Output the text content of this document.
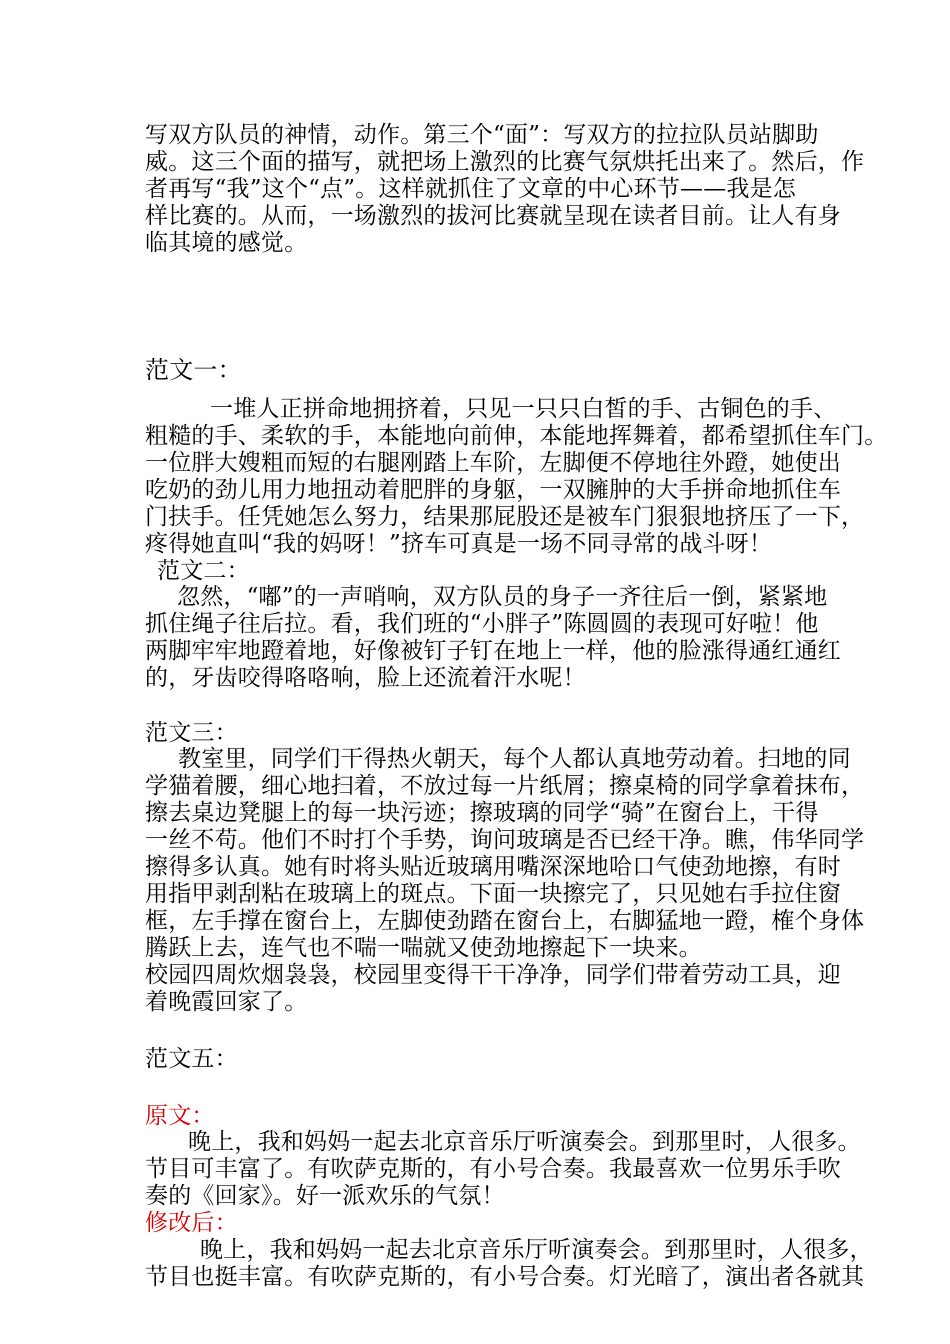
写双方队员的神情，动作。第三个“面”：写双方的拉拉队员站脚助
威。这三个面的描写，就把场上激烈的比赛气氛烘托出来了。然后，作
者再写“我”这个“点”。这样就抓住了文章的中心环节——我是怎
样比赛的。从而，一场激烈的拔河比赛就呈现在读者目前。让人有身
临其境的感觉。
范文一：
一堆人正拼命地拥挤着，只见一只只白皙的手、古铜色的手、
粗糙的手、柔软的手，本能地向前伸，本能地挥舞着，都希望抓住车门。
一位胖大嫂粗而短的右腿刚踏上车阶，左脚便不停地往外蹬，她使出
吃奶的劲儿用力地扭动着肥胖的身躯，一双臃肿的大手拼命地抓住车
门扶手。任凭她怎么努力，结果那屁股还是被车门狠狠地挤压了一下，
疼得她直叫“我的妈呀！”挤车可真是一场不同寻常的战斗呀！
范文二：
忽然，“嘟”的一声哨响，双方队员的身子一齐往后一倒，紧紧地
抓住绳子往后拉。看，我们班的“小胖子”陈圆圆的表现可好啦！他
两脚牢牢地蹬着地，好像被钉子钉在地上一样，他的脸涨得通红通红
的，牙齿咬得咯咯响，脸上还流着汗水呢！
范文三：
教室里，同学们干得热火朝天，每个人都认真地劳动着。扫地的同
学猫着腰，细心地扫着，不放过每一片纸屑；擦桌椅的同学拿着抹布，
擦去桌边凳腿上的每一块污迹；擦玻璃的同学“骑”在窗台上，干得
一丝不苟。他们不时打个手势，询问玻璃是否已经干净。瞧，伟华同学
擦得多认真。她有时将头贴近玻璃用嘴深深地哈口气使劲地擦，有时
用指甲剥刮粘在玻璃上的斑点。下面一块擦完了，只见她右手拉住窗
框，左手撑在窗台上，左脚使劲踏在窗台上，右脚猛地一蹬，榷个身体
腾跃上去，连气也不喘一喘就又使劲地擦起下一块来。
校园四周炊烟袅袅，校园里变得干干净净，同学们带着劳动工具，迎
着晚霞回家了。
范文五：
原文：
晚上，我和妈妈一起去北京音乐厅听演奏会。到那里时，人很多。
节目可丰富了。有吹萨克斯的，有小号合奏。我最喜欢一位男乐手吹
奏的《回家》。好一派欢乐的气氛！
修改后：
晚上，我和妈妈一起去北京音乐厅听演奏会。到那里时，人很多，
节目也挺丰富。有吹萨克斯的，有小号合奏。灯光暗了，演出者各就其
